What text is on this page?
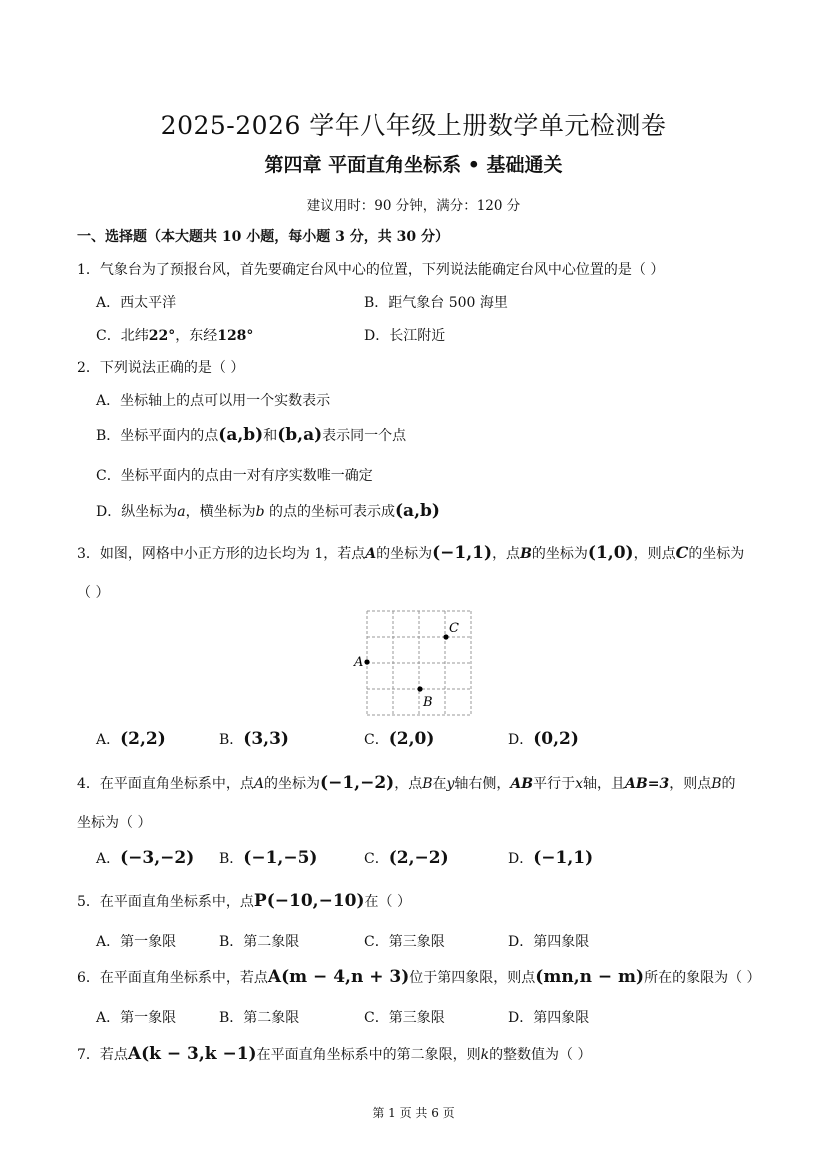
2025-2026 学年八年级上册数学单元检测卷
第四章 平面直角坐标系 • 基础通关
建议用时：90 分钟，满分：120 分
一、选择题（本大题共 10 小题，每小题 3 分，共 30 分）
1．气象台为了预报台风，首先要确定台风中心的位置，下列说法能确定台风中心位置的是（ ）
A．西太平洋	B．距气象台 500 海里
C．北纬22°，东经128°	D．长江附近
2．下列说法正确的是（ ）
A．坐标轴上的点可以用一个实数表示
B．坐标平面内的点(a,b)和(b,a)表示同一个点
C．坐标平面内的点由一对有序实数唯一确定
D．纵坐标为a，横坐标为b 的点的坐标可表示成(a,b)
3．如图，网格中小正方形的边长均为 1，若点A的坐标为(−1,1)，点B的坐标为(1,0)，则点C的坐标为
（ ）
A
B
C
A．(2,2)	B．(3,3)	C．(2,0)	D．(0,2)
4．在平面直角坐标系中，点A的坐标为(−1,−2)，点B在y轴右侧，AB平行于x轴，且AB=3，则点B的
坐标为（ ）
A．(−3,−2) B．(−1,−5)	C．(2,−2)	D．(−1,1)
5．在平面直角坐标系中，点P(−10,−10)在（ ）
A．第一象限	B．第二象限	C．第三象限	D．第四象限
6．在平面直角坐标系中，若点A(m − 4,n + 3)位于第四象限，则点(mn,n − m)所在的象限为（ ）
A．第一象限	B．第二象限	C．第三象限	D．第四象限
7．若点A(k − 3,k −1)在平面直角坐标系中的第二象限，则k的整数值为（ ）
第 1 页 共 6 页
